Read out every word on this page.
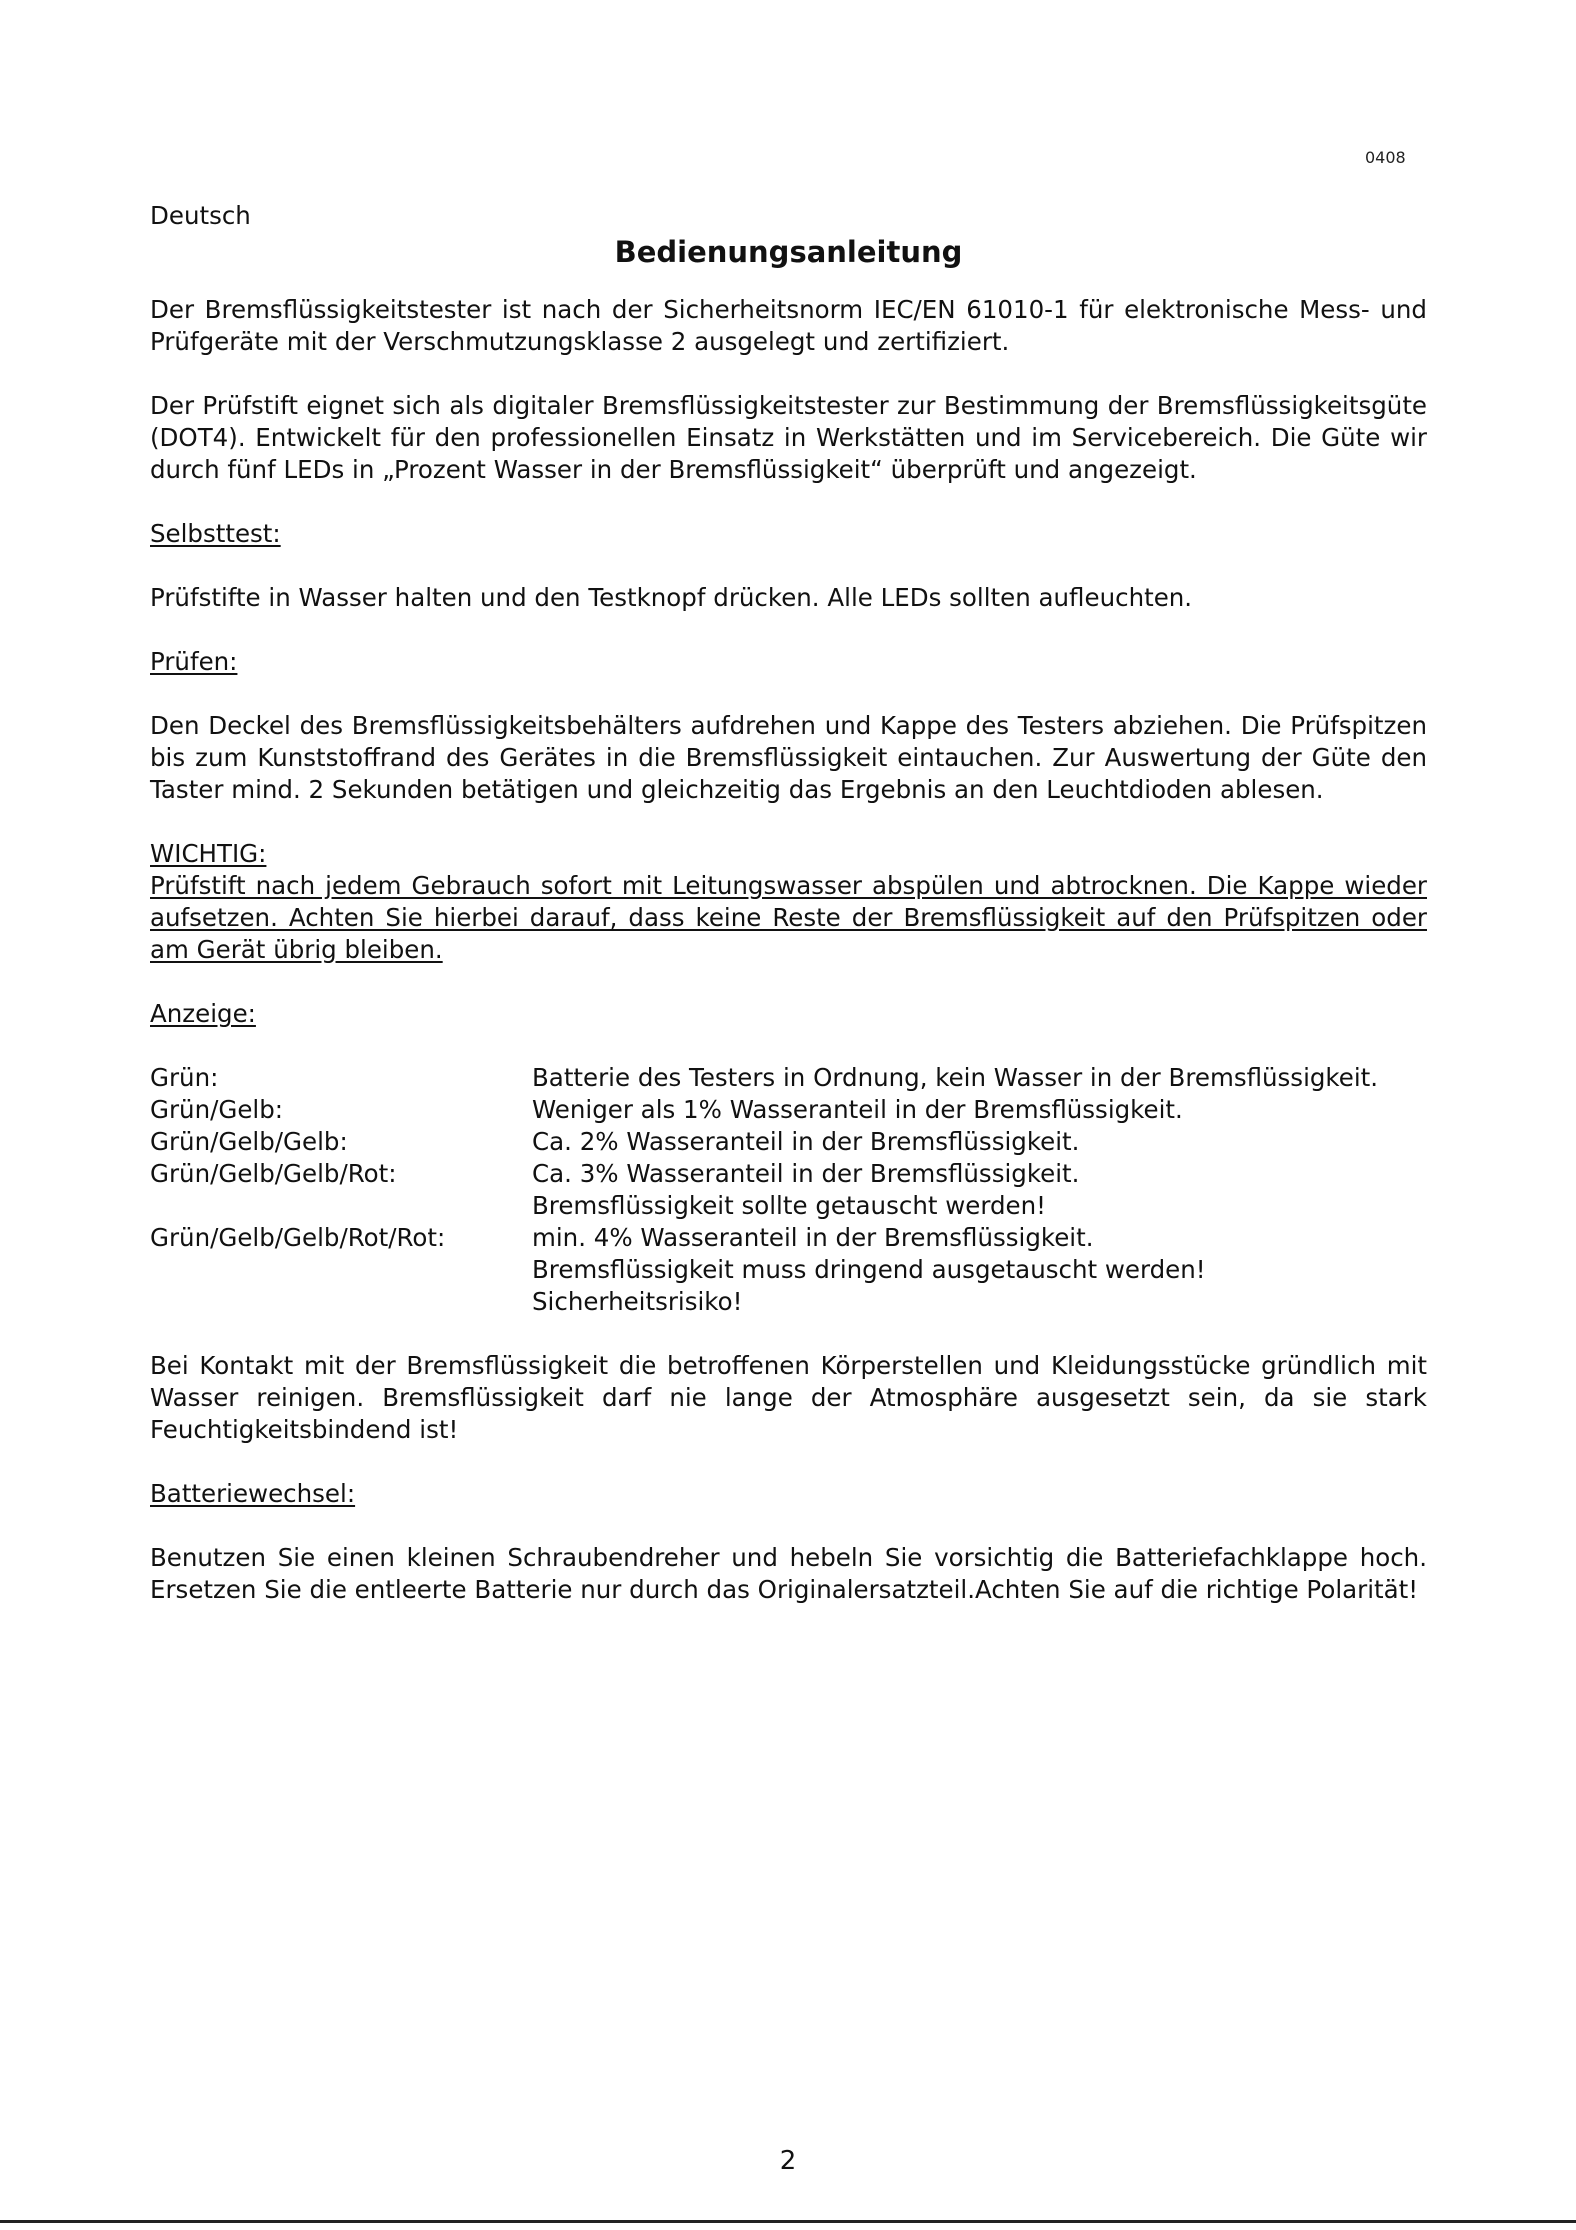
0408

Deutsch

Bedienungsanleitung

Der Bremsflüssigkeitstester ist nach der Sicherheitsnorm IEC/EN 61010-1 für elektronische Mess- und Prüfgeräte mit der Verschmutzungsklasse 2 ausgelegt und zertifiziert.

Der Prüfstift eignet sich als digitaler Bremsflüssigkeitstester zur Bestimmung der Bremsflüssigkeitsgüte (DOT4). Entwickelt für den professionellen Einsatz in Werkstätten und im Servicebereich. Die Güte wir durch fünf LEDs in „Prozent Wasser in der Bremsflüssigkeit“ überprüft und angezeigt.

Selbsttest:

Prüfstifte in Wasser halten und den Testknopf drücken. Alle LEDs sollten aufleuchten.

Prüfen:

Den Deckel des Bremsflüssigkeitsbehälters aufdrehen und Kappe des Testers abziehen. Die Prüfspitzen bis zum Kunststoffrand des Gerätes in die Bremsflüssigkeit eintauchen. Zur Auswertung der Güte den Taster mind. 2 Sekunden betätigen und gleichzeitig das Ergebnis an den Leuchtdioden ablesen.

WICHTIG:

Prüfstift nach jedem Gebrauch sofort mit Leitungswasser abspülen und abtrocknen. Die Kappe wieder aufsetzen. Achten Sie hierbei darauf, dass keine Reste der Bremsflüssigkeit auf den Prüfspitzen oder am Gerät übrig bleiben.

Anzeige:

Grün:	Batterie des Testers in Ordnung, kein Wasser in der Bremsflüssigkeit.
Grün/Gelb:	Weniger als 1% Wasseranteil in der Bremsflüssigkeit.
Grün/Gelb/Gelb:	Ca. 2% Wasseranteil in der Bremsflüssigkeit.
Grün/Gelb/Gelb/Rot:	Ca. 3% Wasseranteil in der Bremsflüssigkeit.
Bremsflüssigkeit sollte getauscht werden!
Grün/Gelb/Gelb/Rot/Rot:	min. 4% Wasseranteil in der Bremsflüssigkeit.
Bremsflüssigkeit muss dringend ausgetauscht werden!
Sicherheitsrisiko!

Bei Kontakt mit der Bremsflüssigkeit die betroffenen Körperstellen und Kleidungsstücke gründlich mit Wasser reinigen. Bremsflüssigkeit darf nie lange der Atmosphäre ausgesetzt sein, da sie stark Feuchtigkeitsbindend ist!

Batteriewechsel:

Benutzen Sie einen kleinen Schraubendreher und hebeln Sie vorsichtig die Batteriefachklappe hoch. Ersetzen Sie die entleerte Batterie nur durch das Originalersatzteil.Achten Sie auf die richtige Polarität!

2
